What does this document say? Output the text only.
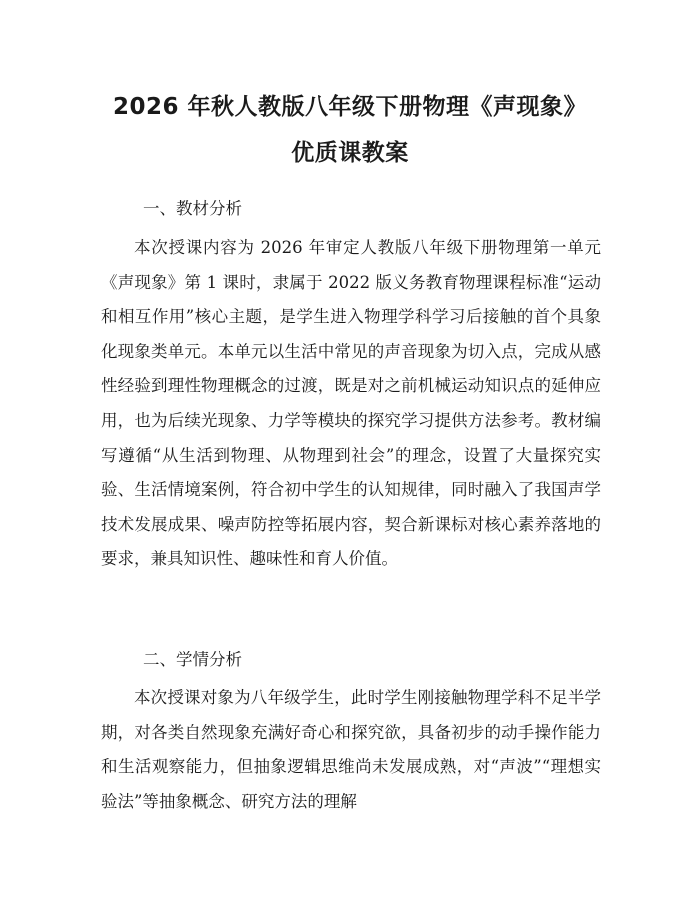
2026 年秋人教版八年级下册物理《声现象》
优质课教案
一、教材分析

本次授课内容为 2026 年审定人教版八年级下册物理第一单元《声现象》第 1 课时，隶属于 2022 版义务教育物理课程标准“运动和相互作用”核心主题，是学生进入物理学科学习后接触的首个具象化现象类单元。本单元以生活中常见的声音现象为切入点，完成从感性经验到理性物理概念的过渡，既是对之前机械运动知识点的延伸应用，也为后续光现象、力学等模块的探究学习提供方法参考。教材编写遵循“从生活到物理、从物理到社会”的理念，设置了大量探究实验、生活情境案例，符合初中学生的认知规律，同时融入了我国声学技术发展成果、噪声防控等拓展内容，契合新课标对核心素养落地的要求，兼具知识性、趣味性和育人价值。

二、学情分析

本次授课对象为八年级学生，此时学生刚接触物理学科不足半学期，对各类自然现象充满好奇心和探究欲，具备初步的动手操作能力和生活观察能力，但抽象逻辑思维尚未发展成熟，对“声波”“理想实验法”等抽象概念、研究方法的理解
